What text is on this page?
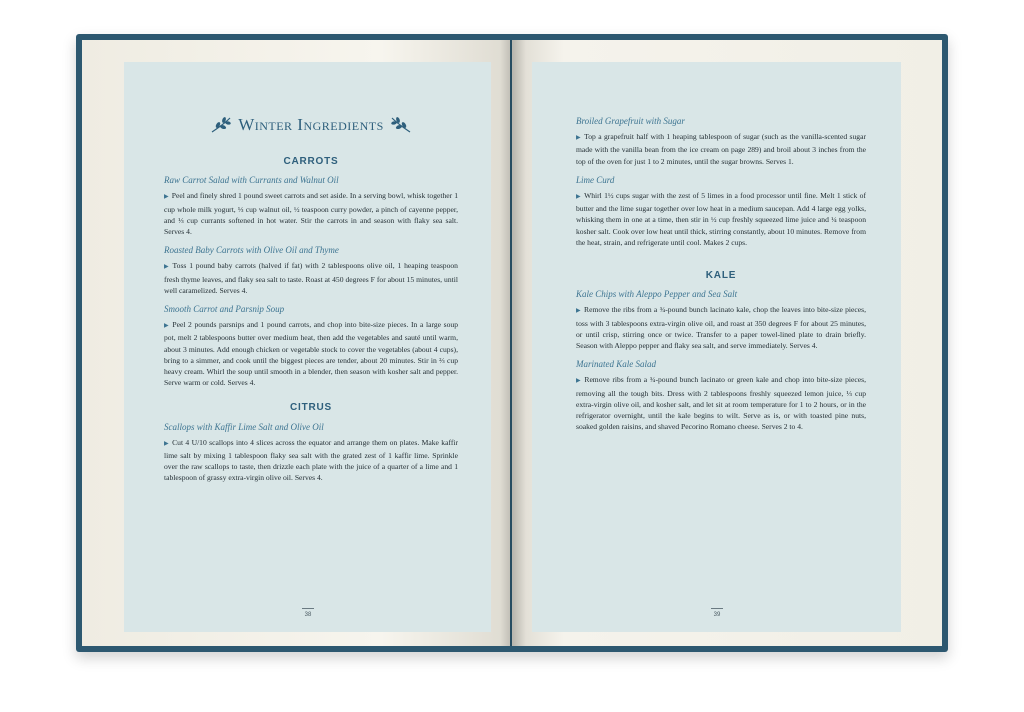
Winter Ingredients
CARROTS

Raw Carrot Salad with Currants and Walnut Oil

▶ Peel and finely shred 1 pound sweet carrots and set aside. In a serving bowl, whisk together 1 cup whole milk yogurt, ⅓ cup walnut oil, ½ teaspoon curry powder, a pinch of cayenne pepper, and ⅓ cup currants softened in hot water. Stir the carrots in and season with flaky sea salt. Serves 4.

Roasted Baby Carrots with Olive Oil and Thyme

▶ Toss 1 pound baby carrots (halved if fat) with 2 tablespoons olive oil, 1 heaping teaspoon fresh thyme leaves, and flaky sea salt to taste. Roast at 450 degrees F for about 15 minutes, until well caramelized. Serves 4.

Smooth Carrot and Parsnip Soup

▶ Peel 2 pounds parsnips and 1 pound carrots, and chop into bite-size pieces. In a large soup pot, melt 2 tablespoons butter over medium heat, then add the vegetables and sauté until warm, about 3 minutes. Add enough chicken or vegetable stock to cover the vegetables (about 4 cups), bring to a simmer, and cook until the biggest pieces are tender, about 20 minutes. Stir in ⅔ cup heavy cream. Whirl the soup until smooth in a blender, then season with kosher salt and pepper. Serve warm or cold. Serves 4.

CITRUS

Scallops with Kaffir Lime Salt and Olive Oil

▶ Cut 4 U/10 scallops into 4 slices across the equator and arrange them on plates. Make kaffir lime salt by mixing 1 tablespoon flaky sea salt with the grated zest of 1 kaffir lime. Sprinkle over the raw scallops to taste, then drizzle each plate with the juice of a quarter of a lime and 1 tablespoon of grassy extra-virgin olive oil. Serves 4.

38

Broiled Grapefruit with Sugar

▶ Top a grapefruit half with 1 heaping tablespoon of sugar (such as the vanilla-scented sugar made with the vanilla bean from the ice cream on page 289) and broil about 3 inches from the top of the oven for just 1 to 2 minutes, until the sugar browns. Serves 1.

Lime Curd

▶ Whirl 1½ cups sugar with the zest of 5 limes in a food processor until fine. Melt 1 stick of butter and the lime sugar together over low heat in a medium saucepan. Add 4 large egg yolks, whisking them in one at a time, then stir in ½ cup freshly squeezed lime juice and ¼ teaspoon kosher salt. Cook over low heat until thick, stirring constantly, about 10 minutes. Remove from the heat, strain, and refrigerate until cool. Makes 2 cups.

KALE

Kale Chips with Aleppo Pepper and Sea Salt

▶ Remove the ribs from a ¾-pound bunch lacinato kale, chop the leaves into bite-size pieces, toss with 3 tablespoons extra-virgin olive oil, and roast at 350 degrees F for about 25 minutes, or until crisp, stirring once or twice. Transfer to a paper towel-lined plate to drain briefly. Season with Aleppo pepper and flaky sea salt, and serve immediately. Serves 4.

Marinated Kale Salad

▶ Remove ribs from a ¾-pound bunch lacinato or green kale and chop into bite-size pieces, removing all the tough bits. Dress with 2 tablespoons freshly squeezed lemon juice, ⅓ cup extra-virgin olive oil, and kosher salt, and let sit at room temperature for 1 to 2 hours, or in the refrigerator overnight, until the kale begins to wilt. Serve as is, or with toasted pine nuts, soaked golden raisins, and shaved Pecorino Romano cheese. Serves 2 to 4.

39
